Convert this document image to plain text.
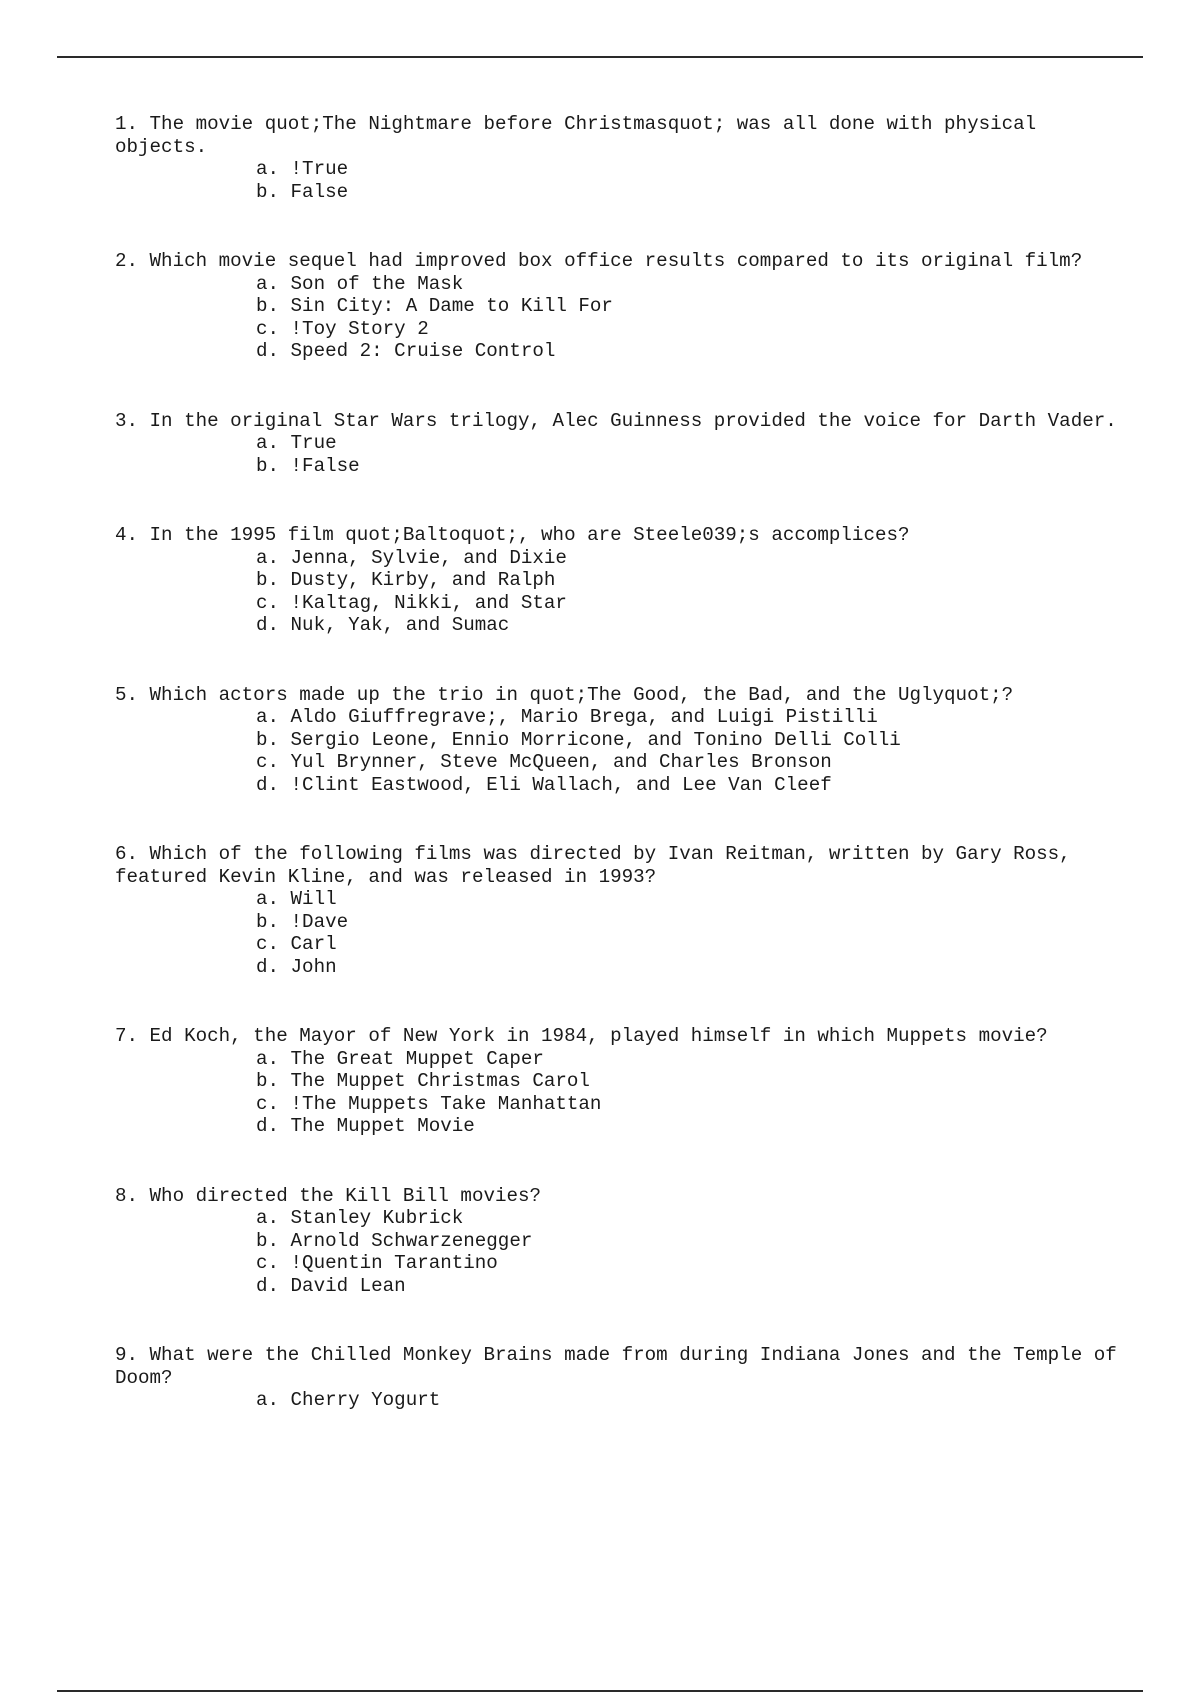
1. The movie quot;The Nightmare before Christmasquot; was all done with physical objects.

a. !True
b. False

2. Which movie sequel had improved box office results compared to its original film?

a. Son of the Mask
b. Sin City: A Dame to Kill For
c. !Toy Story 2
d. Speed 2: Cruise Control

3. In the original Star Wars trilogy, Alec Guinness provided the voice for Darth Vader.

a. True
b. !False

4. In the 1995 film quot;Baltoquot;, who are Steele039;s accomplices?

a. Jenna, Sylvie, and Dixie
b. Dusty, Kirby, and Ralph
c. !Kaltag, Nikki, and Star
d. Nuk, Yak, and Sumac

5. Which actors made up the trio in quot;The Good, the Bad, and the Uglyquot;?

a. Aldo Giuffregrave;, Mario Brega, and Luigi Pistilli
b. Sergio Leone, Ennio Morricone, and Tonino Delli Colli
c. Yul Brynner, Steve McQueen, and Charles Bronson
d. !Clint Eastwood, Eli Wallach, and Lee Van Cleef

6. Which of the following films was directed by Ivan Reitman, written by Gary Ross, featured Kevin Kline, and was released in 1993?

a. Will
b. !Dave
c. Carl
d. John

7. Ed Koch, the Mayor of New York in 1984, played himself in which Muppets movie?

a. The Great Muppet Caper
b. The Muppet Christmas Carol
c. !The Muppets Take Manhattan
d. The Muppet Movie

8. Who directed the Kill Bill movies?

a. Stanley Kubrick
b. Arnold Schwarzenegger
c. !Quentin Tarantino
d. David Lean

9. What were the Chilled Monkey Brains made from during Indiana Jones and the Temple of Doom?

a. Cherry Yogurt
